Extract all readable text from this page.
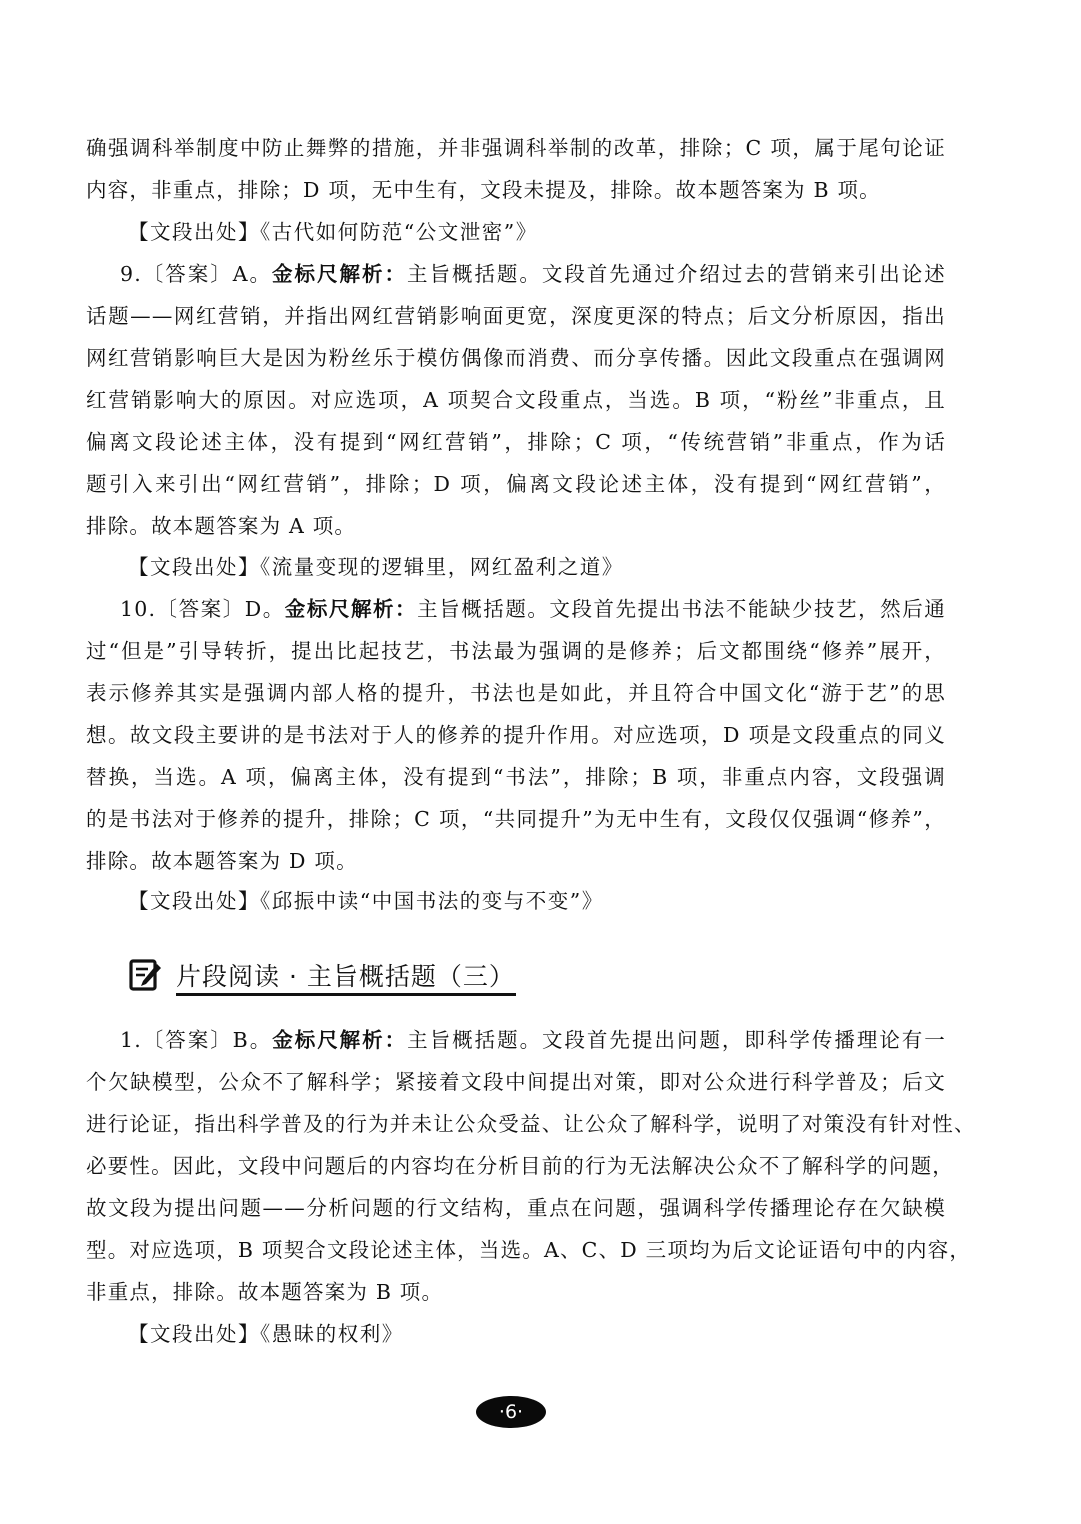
确强调科举制度中防止舞弊的措施，并非强调科举制的改革，排除；C 项，属于尾句论证
内容，非重点，排除；D 项，无中生有，文段未提及，排除。故本题答案为 B 项。
【文段出处】《古代如何防范“公文泄密”》
9.〔答案〕A。金标尺解析：主旨概括题。文段首先通过介绍过去的营销来引出论述
话题——网红营销，并指出网红营销影响面更宽，深度更深的特点；后文分析原因，指出
网红营销影响巨大是因为粉丝乐于模仿偶像而消费、而分享传播。因此文段重点在强调网
红营销影响大的原因。对应选项，A 项契合文段重点，当选。B 项，“粉丝”非重点，且
偏离文段论述主体，没有提到“网红营销”，排除；C 项，“传统营销”非重点，作为话
题引入来引出“网红营销”，排除；D 项，偏离文段论述主体，没有提到“网红营销”，
排除。故本题答案为 A 项。
【文段出处】《流量变现的逻辑里，网红盈利之道》
10.〔答案〕D。金标尺解析：主旨概括题。文段首先提出书法不能缺少技艺，然后通
过“但是”引导转折，提出比起技艺，书法最为强调的是修养；后文都围绕“修养”展开，
表示修养其实是强调内部人格的提升，书法也是如此，并且符合中国文化“游于艺”的思
想。故文段主要讲的是书法对于人的修养的提升作用。对应选项，D 项是文段重点的同义
替换，当选。A 项，偏离主体，没有提到“书法”，排除；B 项，非重点内容，文段强调
的是书法对于修养的提升，排除；C 项，“共同提升”为无中生有，文段仅仅强调“修养”，
排除。故本题答案为 D 项。
【文段出处】《邱振中读“中国书法的变与不变”》
片段阅读 · 主旨概括题（三）
1.〔答案〕B。金标尺解析：主旨概括题。文段首先提出问题，即科学传播理论有一
个欠缺模型，公众不了解科学；紧接着文段中间提出对策，即对公众进行科学普及；后文
进行论证，指出科学普及的行为并未让公众受益、让公众了解科学，说明了对策没有针对性、
必要性。因此，文段中问题后的内容均在分析目前的行为无法解决公众不了解科学的问题，
故文段为提出问题——分析问题的行文结构，重点在问题，强调科学传播理论存在欠缺模
型。对应选项，B 项契合文段论述主体，当选。A、C、D 三项均为后文论证语句中的内容，
非重点，排除。故本题答案为 B 项。
【文段出处】《愚昧的权利》
·6·
